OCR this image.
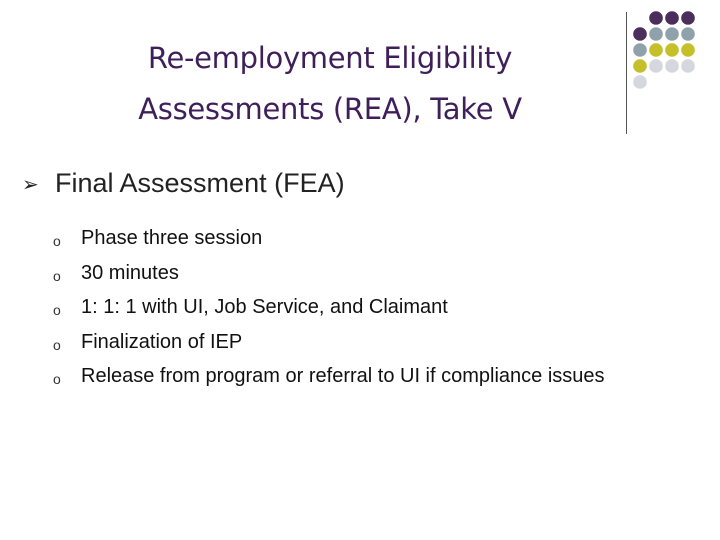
Re-employment Eligibility
Assessments (REA), Take V
➢ Final Assessment (FEA)
o Phase three session
o 30 minutes
o 1: 1: 1 with UI, Job Service, and Claimant
o Finalization of IEP
o Release from program or referral to UI if compliance issues
